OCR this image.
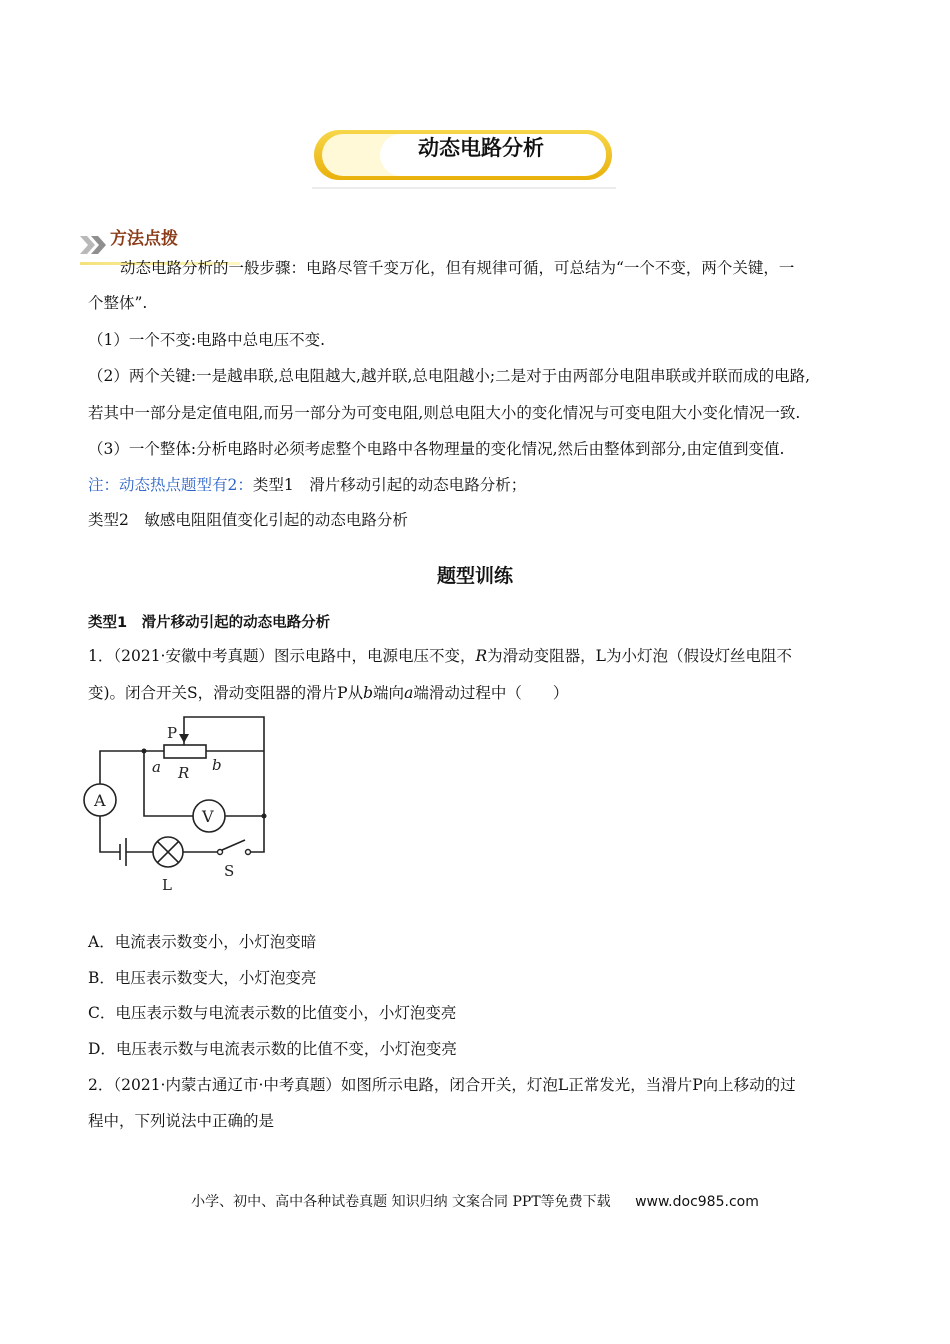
动态电路分析
方法点拨
动态电路分析的一般步骤：电路尽管千变万化，但有规律可循，可总结为“一个不变，两个关键，一
个整体”.
（1）一个不变:电路中总电压不变.
（2）两个关键:一是越串联,总电阻越大,越并联,总电阻越小;二是对于由两部分电阻串联或并联而成的电路,
若其中一部分是定值电阻,而另一部分为可变电阻,则总电阻大小的变化情况与可变电阻大小变化情况一致.
（3）一个整体:分析电路时必须考虑整个电路中各物理量的变化情况,然后由整体到部分,由定值到变值.
注：动态热点题型有2：类型1　滑片移动引起的动态电路分析；
类型2　敏感电阻阻值变化引起的动态电路分析
题型训练
类型1　滑片移动引起的动态电路分析
1．（2021·安徽中考真题）图示电路中，电源电压不变，R为滑动变阻器，L为小灯泡（假设灯丝电阻不
变)。闭合开关S，滑动变阻器的滑片P从b端向a端滑动过程中（　　）
P
a R b
A
V
L
S
A．电流表示数变小，小灯泡变暗
B．电压表示数变大，小灯泡变亮
C．电压表示数与电流表示数的比值变小，小灯泡变亮
D．电压表示数与电流表示数的比值不变，小灯泡变亮
2．（2021·内蒙古通辽市·中考真题）如图所示电路，闭合开关，灯泡L正常发光，当滑片P向上移动的过
程中，下列说法中正确的是
小学、初中、高中各种试卷真题 知识归纳 文案合同 PPT等免费下载 www.doc985.com
